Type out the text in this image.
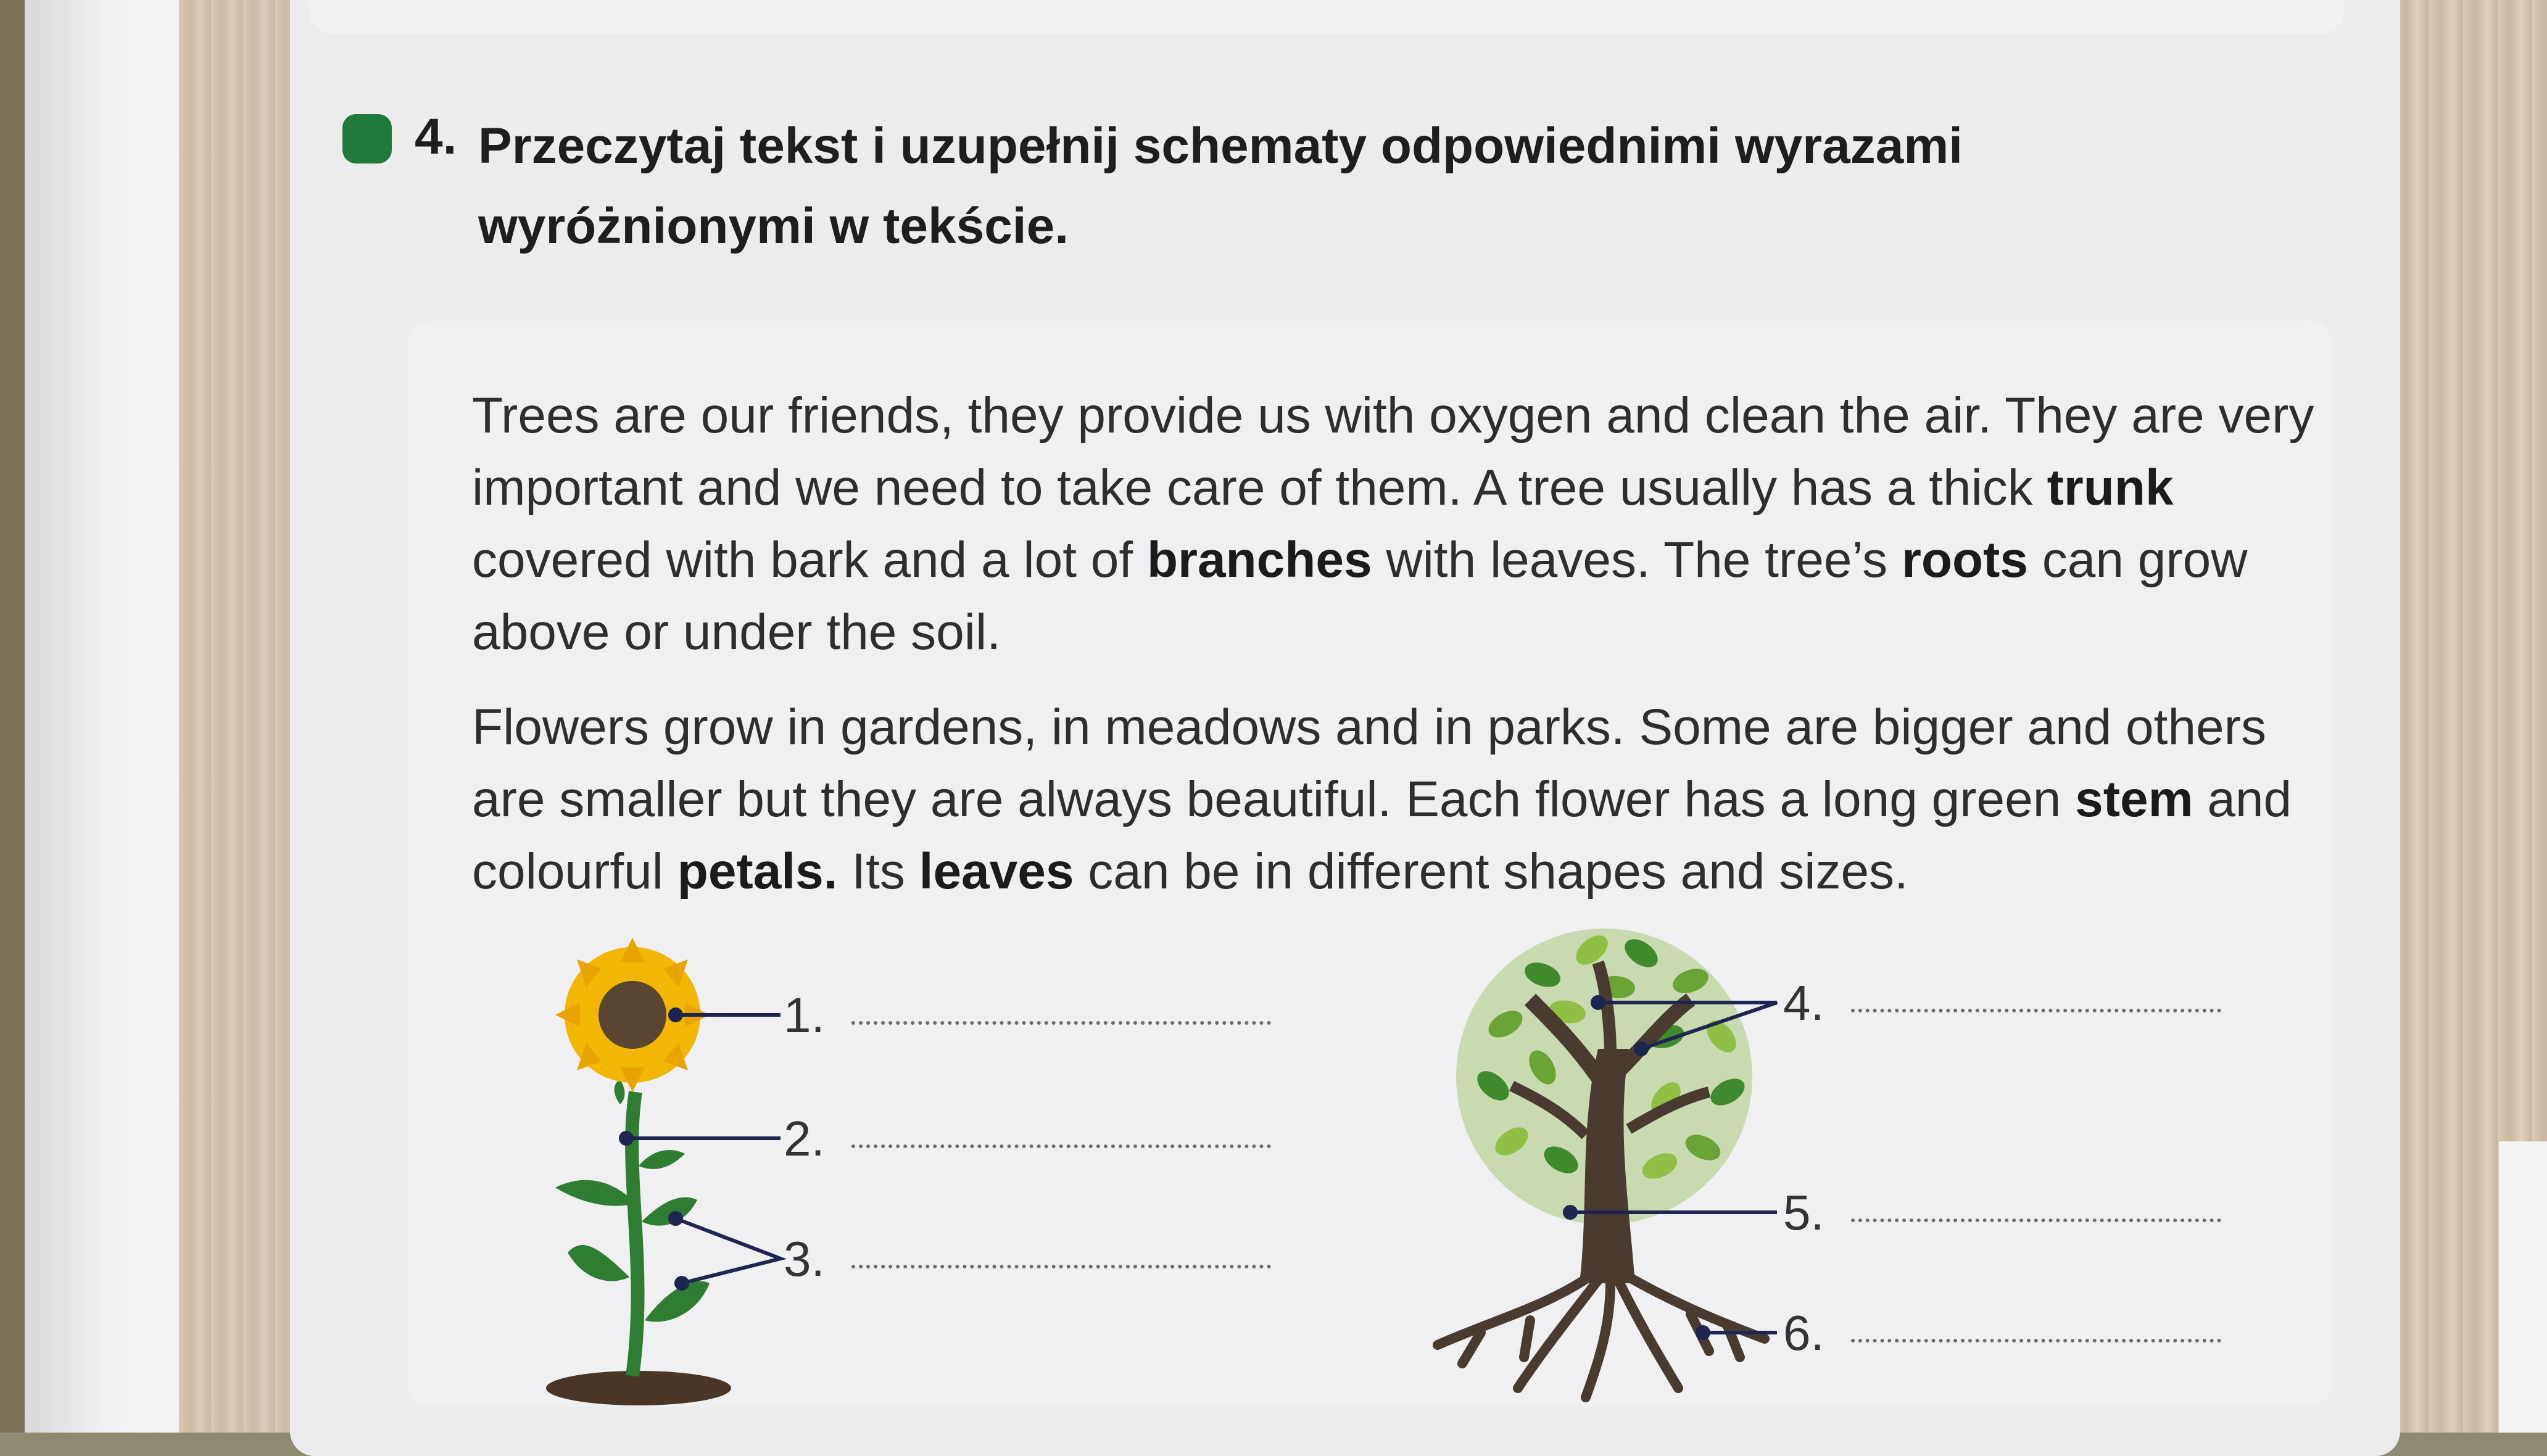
4. Przeczytaj tekst i uzupełnij schematy odpowiednimi wyrazami
wyróżnionymi w tekście.
Trees are our friends, they provide us with oxygen and clean the air. They are very important and we need to take care of them. A tree usually has a thick trunk covered with bark and a lot of branches with leaves. The tree’s roots can grow above or under the soil.
Flowers grow in gardens, in meadows and in parks. Some are bigger and others are smaller but they are always beautiful. Each flower has a long green stem and colourful petals. Its leaves can be in different shapes and sizes.
1.
2.
3.
4.
5.
6.
